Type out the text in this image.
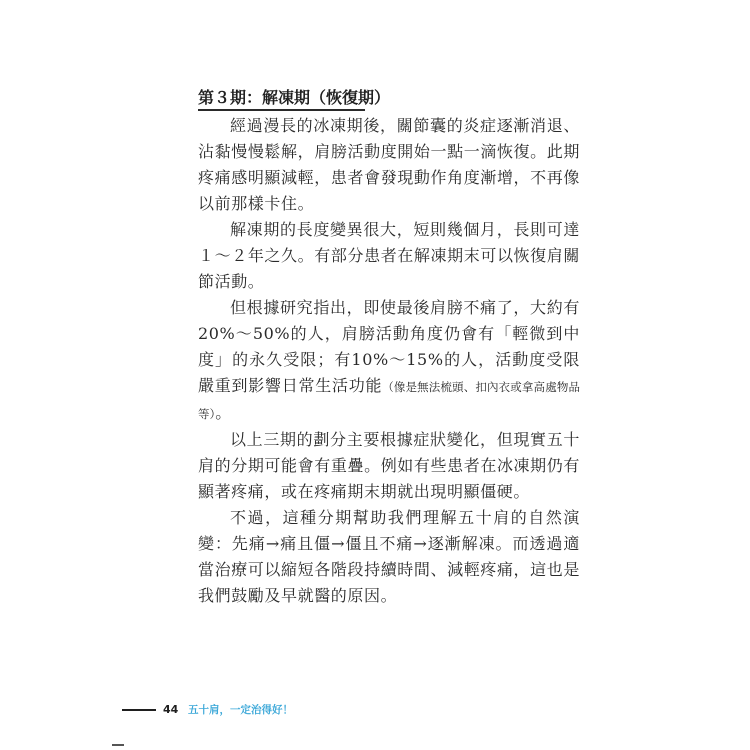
第３期：解凍期（恢復期）

經過漫長的冰凍期後，關節囊的炎症逐漸消退、沾黏慢慢鬆解，肩膀活動度開始一點一滴恢復。此期疼痛感明顯減輕，患者會發現動作角度漸增，不再像以前那樣卡住。

解凍期的長度變異很大，短則幾個月，長則可達１～２年之久。有部分患者在解凍期末可以恢復肩關節活動。

但根據研究指出，即使最後肩膀不痛了，大約有20%～50%的人，肩膀活動角度仍會有「輕微到中度」的永久受限；有10%～15%的人，活動度受限嚴重到影響日常生活功能（像是無法梳頭、扣內衣或拿高處物品等）。

以上三期的劃分主要根據症狀變化，但現實五十肩的分期可能會有重疊。例如有些患者在冰凍期仍有顯著疼痛，或在疼痛期末期就出現明顯僵硬。

不過，這種分期幫助我們理解五十肩的自然演變：先痛→痛且僵→僵且不痛→逐漸解凍。而透過適當治療可以縮短各階段持續時間、減輕疼痛，這也是我們鼓勵及早就醫的原因。

44 五十肩，一定治得好！
